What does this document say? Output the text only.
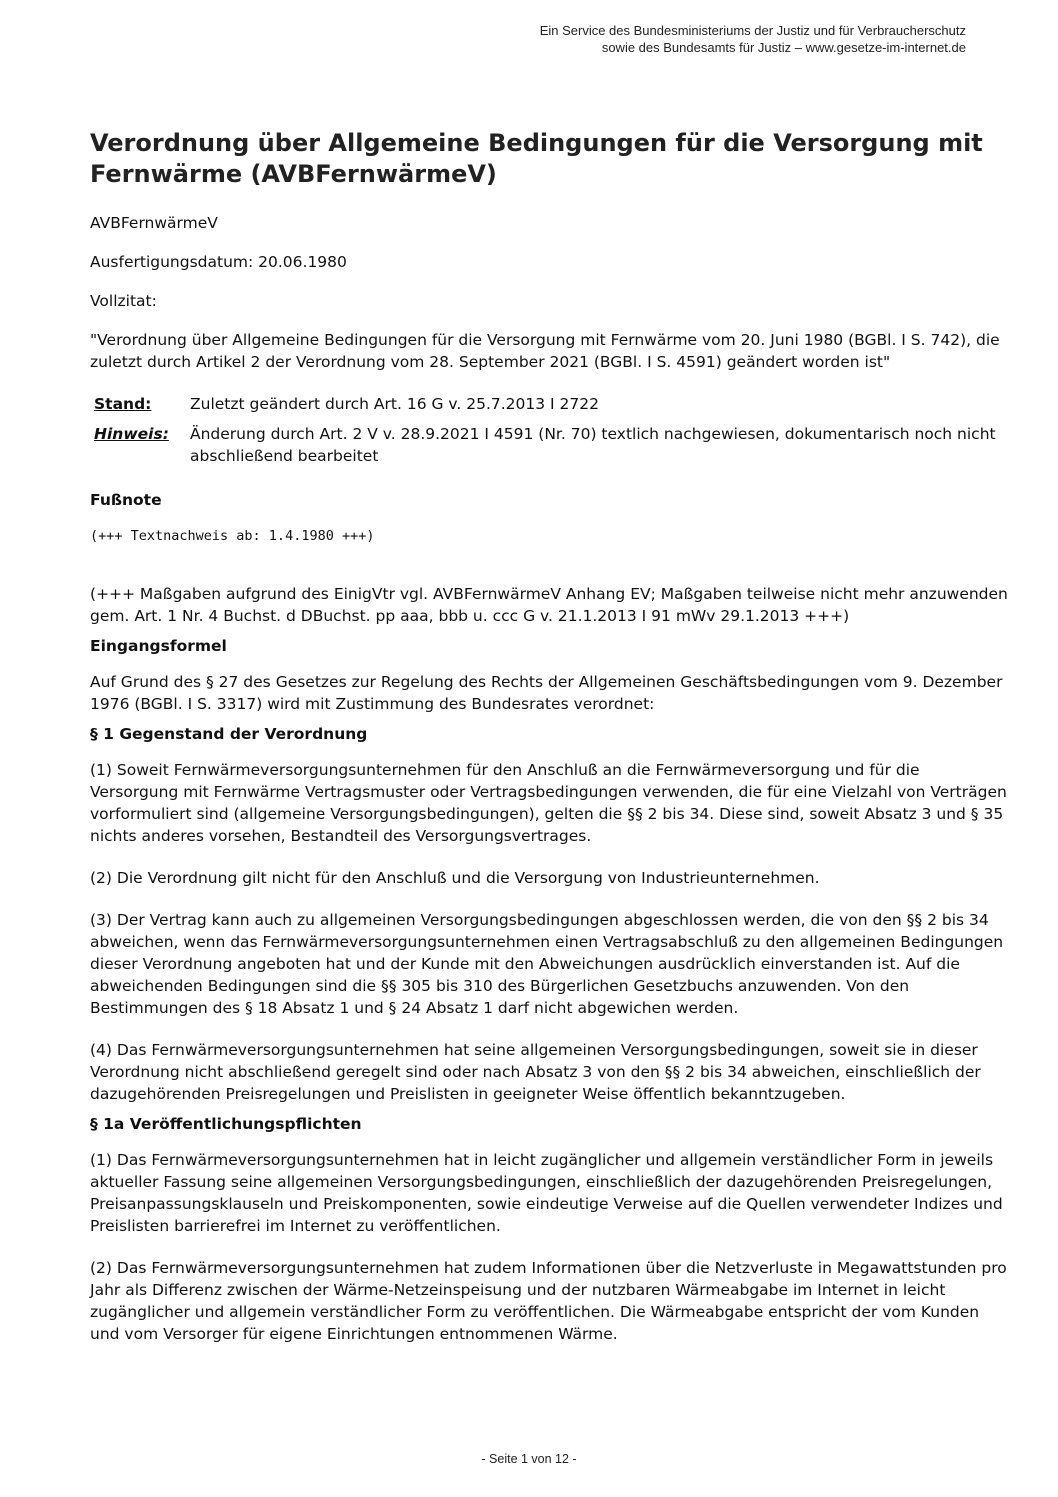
Ein Service des Bundesministeriums der Justiz und für Verbraucherschutz
sowie des Bundesamts für Justiz – www.gesetze-im-internet.de
Verordnung über Allgemeine Bedingungen für die Versorgung mit Fernwärme (AVBFernwärmeV)

AVBFernwärmeV

Ausfertigungsdatum: 20.06.1980

Vollzitat:

"Verordnung über Allgemeine Bedingungen für die Versorgung mit Fernwärme vom 20. Juni 1980 (BGBl. I S. 742), die zuletzt durch Artikel 2 der Verordnung vom 28. September 2021 (BGBl. I S. 4591) geändert worden ist"

Stand:	Zuletzt geändert durch Art. 16 G v. 25.7.2013 I 2722
Hinweis:	Änderung durch Art. 2 V v. 28.9.2021 I 4591 (Nr. 70) textlich nachgewiesen, dokumentarisch noch nicht abschließend bearbeitet
Fußnote
(+++ Textnachweis ab: 1.4.1980 +++)

(+++ Maßgaben aufgrund des EinigVtr vgl. AVBFernwärmeV Anhang EV; Maßgaben teilweise nicht mehr anzuwenden gem. Art. 1 Nr. 4 Buchst. d DBuchst. pp aaa, bbb u. ccc G v. 21.1.2013 I 91 mWv 29.1.2013 +++)

Eingangsformel

Auf Grund des § 27 des Gesetzes zur Regelung des Rechts der Allgemeinen Geschäftsbedingungen vom 9. Dezember 1976 (BGBl. I S. 3317) wird mit Zustimmung des Bundesrates verordnet:

§ 1 Gegenstand der Verordnung

(1) Soweit Fernwärmeversorgungsunternehmen für den Anschluß an die Fernwärmeversorgung und für die Versorgung mit Fernwärme Vertragsmuster oder Vertragsbedingungen verwenden, die für eine Vielzahl von Verträgen vorformuliert sind (allgemeine Versorgungsbedingungen), gelten die §§ 2 bis 34. Diese sind, soweit Absatz 3 und § 35 nichts anderes vorsehen, Bestandteil des Versorgungsvertrages.

(2) Die Verordnung gilt nicht für den Anschluß und die Versorgung von Industrieunternehmen.

(3) Der Vertrag kann auch zu allgemeinen Versorgungsbedingungen abgeschlossen werden, die von den §§ 2 bis 34 abweichen, wenn das Fernwärmeversorgungsunternehmen einen Vertragsabschluß zu den allgemeinen Bedingungen dieser Verordnung angeboten hat und der Kunde mit den Abweichungen ausdrücklich einverstanden ist. Auf die abweichenden Bedingungen sind die §§ 305 bis 310 des Bürgerlichen Gesetzbuchs anzuwenden. Von den Bestimmungen des § 18 Absatz 1 und § 24 Absatz 1 darf nicht abgewichen werden.

(4) Das Fernwärmeversorgungsunternehmen hat seine allgemeinen Versorgungsbedingungen, soweit sie in dieser Verordnung nicht abschließend geregelt sind oder nach Absatz 3 von den §§ 2 bis 34 abweichen, einschließlich der dazugehörenden Preisregelungen und Preislisten in geeigneter Weise öffentlich bekanntzugeben.

§ 1a Veröffentlichungspflichten

(1) Das Fernwärmeversorgungsunternehmen hat in leicht zugänglicher und allgemein verständlicher Form in jeweils aktueller Fassung seine allgemeinen Versorgungsbedingungen, einschließlich der dazugehörenden Preisregelungen, Preisanpassungsklauseln und Preiskomponenten, sowie eindeutige Verweise auf die Quellen verwendeter Indizes und Preislisten barrierefrei im Internet zu veröffentlichen.

(2) Das Fernwärmeversorgungsunternehmen hat zudem Informationen über die Netzverluste in Megawattstunden pro Jahr als Differenz zwischen der Wärme-Netzeinspeisung und der nutzbaren Wärmeabgabe im Internet in leicht zugänglicher und allgemein verständlicher Form zu veröffentlichen. Die Wärmeabgabe entspricht der vom Kunden und vom Versorger für eigene Einrichtungen entnommenen Wärme.

- Seite 1 von 12 -
